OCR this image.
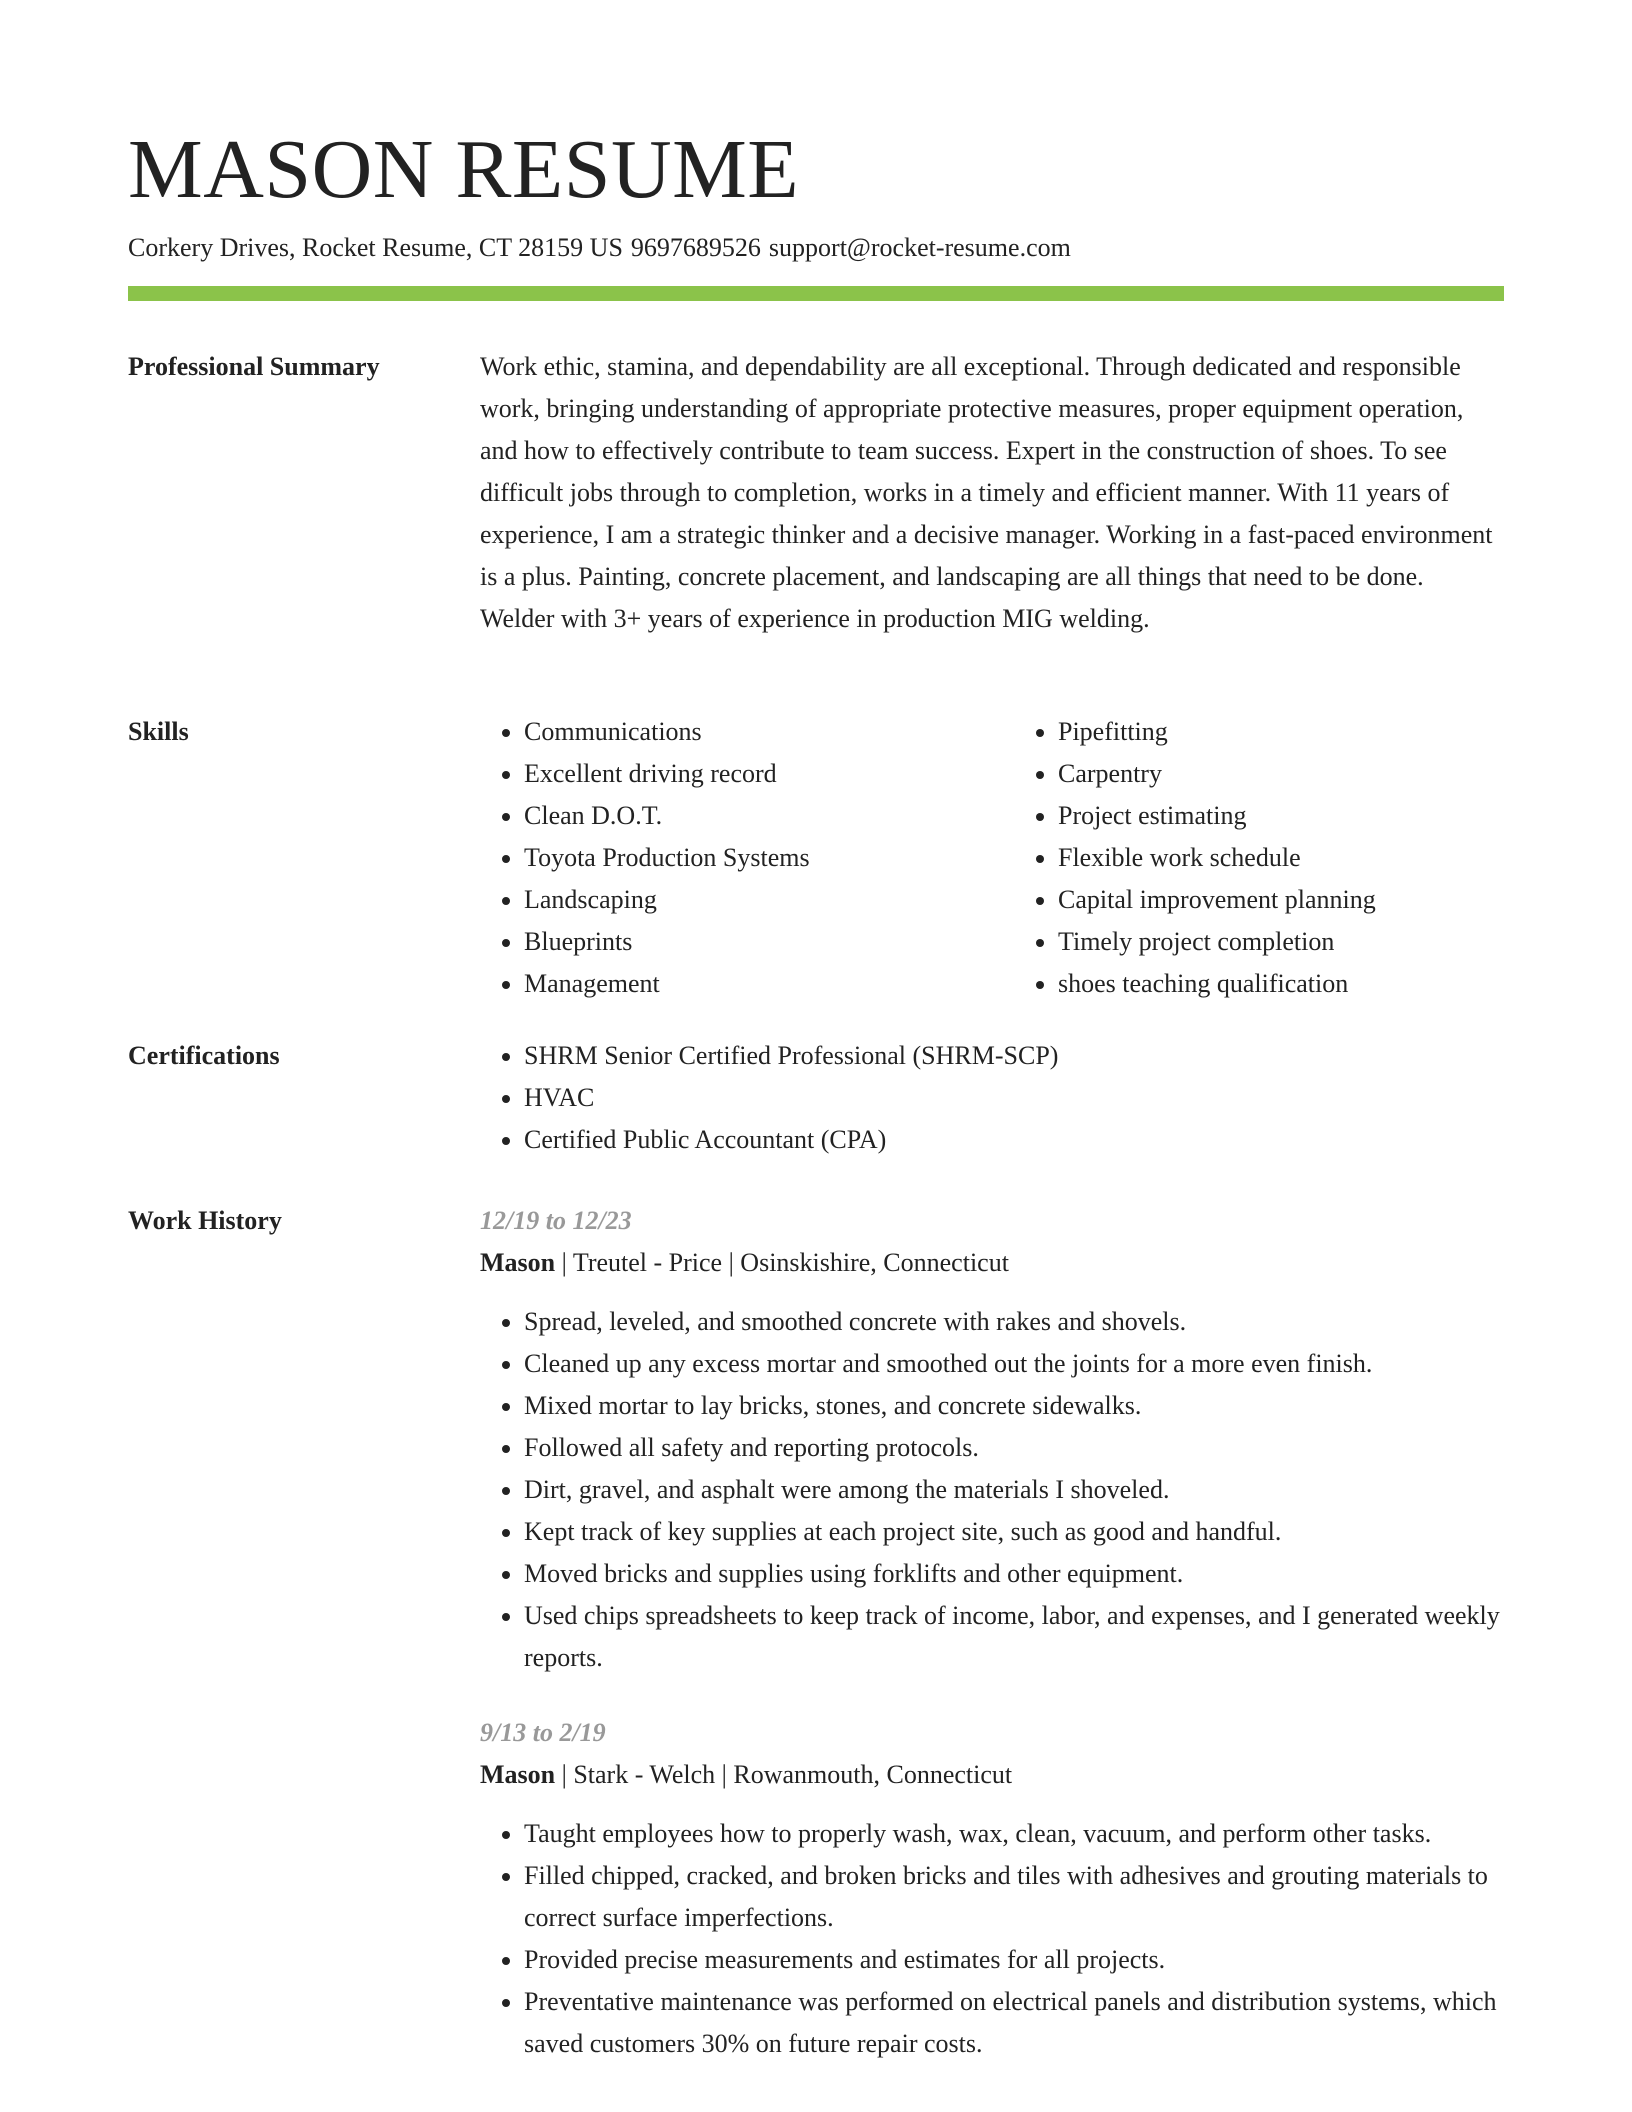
MASON RESUME
Corkery Drives, Rocket Resume, CT 28159 US 9697689526 support@rocket-resume.com
Professional Summary	Work ethic, stamina, and dependability are all exceptional. Through dedicated and responsible work, bringing understanding of appropriate protective measures, proper equipment operation, and how to effectively contribute to team success. Expert in the construction of shoes. To see difficult jobs through to completion, works in a timely and efficient manner. With 11 years of experience, I am a strategic thinker and a decisive manager. Working in a fast-paced environment is a plus. Painting, concrete placement, and landscaping are all things that need to be done. Welder with 3+ years of experience in production MIG welding.

Skills	• Communications
• Excellent driving record
• Clean D.O.T.
• Toyota Production Systems
• Landscaping
• Blueprints
• Management
• Pipefitting
• Carpentry
• Project estimating
• Flexible work schedule
• Capital improvement planning
• Timely project completion
• shoes teaching qualification
Certifications	• SHRM Senior Certified Professional (SHRM-SCP)
• HVAC
• Certified Public Accountant (CPA)
Work History	12/19 to 12/23
Mason | Treutel - Price | Osinskishire, Connecticut
• Spread, leveled, and smoothed concrete with rakes and shovels.
• Cleaned up any excess mortar and smoothed out the joints for a more even finish.
• Mixed mortar to lay bricks, stones, and concrete sidewalks.
• Followed all safety and reporting protocols.
• Dirt, gravel, and asphalt were among the materials I shoveled.
• Kept track of key supplies at each project site, such as good and handful.
• Moved bricks and supplies using forklifts and other equipment.
• Used chips spreadsheets to keep track of income, labor, and expenses, and I generated weekly reports.
9/13 to 2/19
Mason | Stark - Welch | Rowanmouth, Connecticut
• Taught employees how to properly wash, wax, clean, vacuum, and perform other tasks.
• Filled chipped, cracked, and broken bricks and tiles with adhesives and grouting materials to correct surface imperfections.
• Provided precise measurements and estimates for all projects.
• Preventative maintenance was performed on electrical panels and distribution systems, which saved customers 30% on future repair costs.
